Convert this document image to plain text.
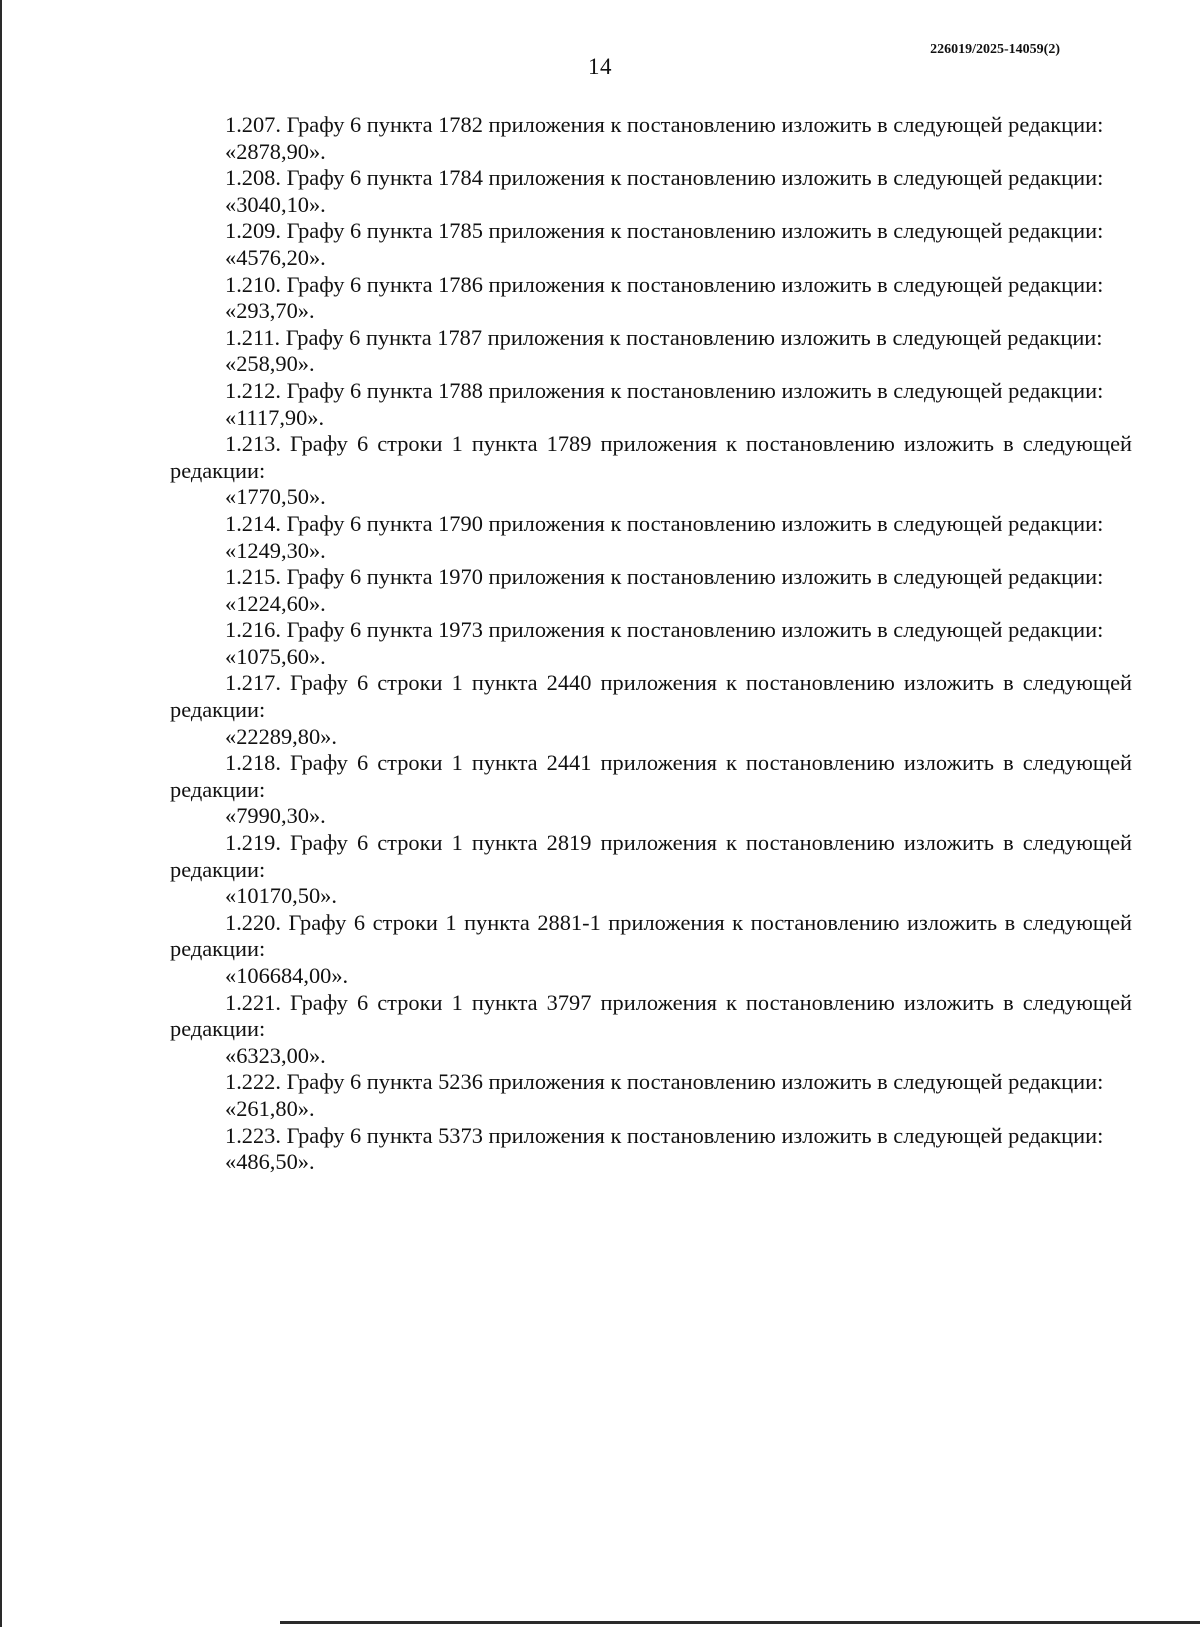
14
226019/2025-14059(2)

1.207. Графу 6 пункта 1782 приложения к постановлению изложить в следующей редакции:

«2878,90».

1.208. Графу 6 пункта 1784 приложения к постановлению изложить в следующей редакции:

«3040,10».

1.209. Графу 6 пункта 1785 приложения к постановлению изложить в следующей редакции:

«4576,20».

1.210. Графу 6 пункта 1786 приложения к постановлению изложить в следующей редакции:

«293,70».

1.211. Графу 6 пункта 1787 приложения к постановлению изложить в следующей редакции:

«258,90».

1.212. Графу 6 пункта 1788 приложения к постановлению изложить в следующей редакции:

«1117,90».

1.213. Графу 6 строки 1 пункта 1789 приложения к постановлению изложить в следующей редакции:

«1770,50».

1.214. Графу 6 пункта 1790 приложения к постановлению изложить в следующей редакции:

«1249,30».

1.215. Графу 6 пункта 1970 приложения к постановлению изложить в следующей редакции:

«1224,60».

1.216. Графу 6 пункта 1973 приложения к постановлению изложить в следующей редакции:

«1075,60».

1.217. Графу 6 строки 1 пункта 2440 приложения к постановлению изложить в следующей редакции:

«22289,80».

1.218. Графу 6 строки 1 пункта 2441 приложения к постановлению изложить в следующей редакции:

«7990,30».

1.219. Графу 6 строки 1 пункта 2819 приложения к постановлению изложить в следующей редакции:

«10170,50».

1.220. Графу 6 строки 1 пункта 2881-1 приложения к постановлению изложить в следующей редакции:

«106684,00».

1.221. Графу 6 строки 1 пункта 3797 приложения к постановлению изложить в следующей редакции:

«6323,00».

1.222. Графу 6 пункта 5236 приложения к постановлению изложить в следующей редакции:

«261,80».

1.223. Графу 6 пункта 5373 приложения к постановлению изложить в следующей редакции:

«486,50».
